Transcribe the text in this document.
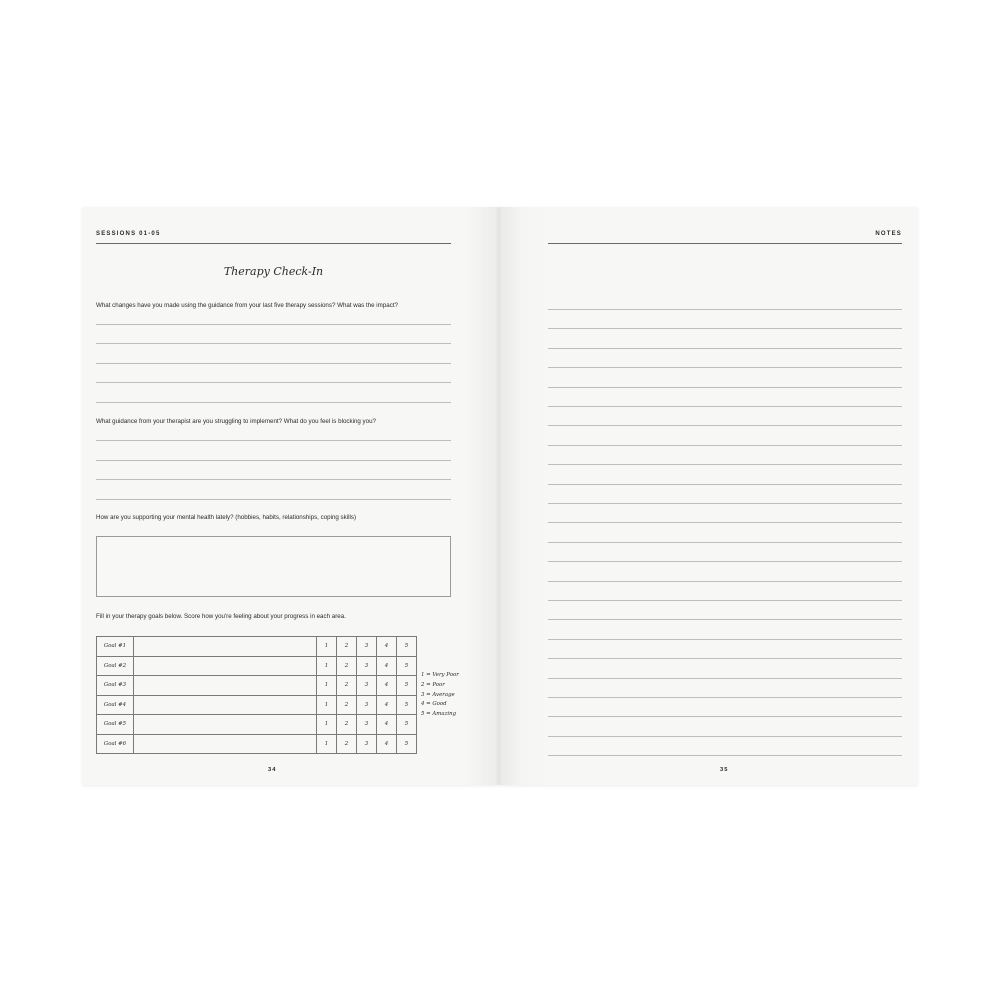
SESSIONS 01-05
Therapy Check-In
What changes have you made using the guidance from your last five therapy sessions? What was the impact?
What guidance from your therapist are you struggling to implement? What do you feel is blocking you?
How are you supporting your mental health lately? (hobbies, habits, relationships, coping skills)
Fill in your therapy goals below. Score how you're feeling about your progress in each area.
Goal #1		1	2	3	4	5
Goal #2		1	2	3	4	5
Goal #3		1	2	3	4	5
Goal #4		1	2	3	4	5
Goal #5		1	2	3	4	5
Goal #6		1	2	3	4	5
1 = Very Poor
2 = Poor
3 = Average
4 = Good
5 = Amazing
34
NOTES
35
